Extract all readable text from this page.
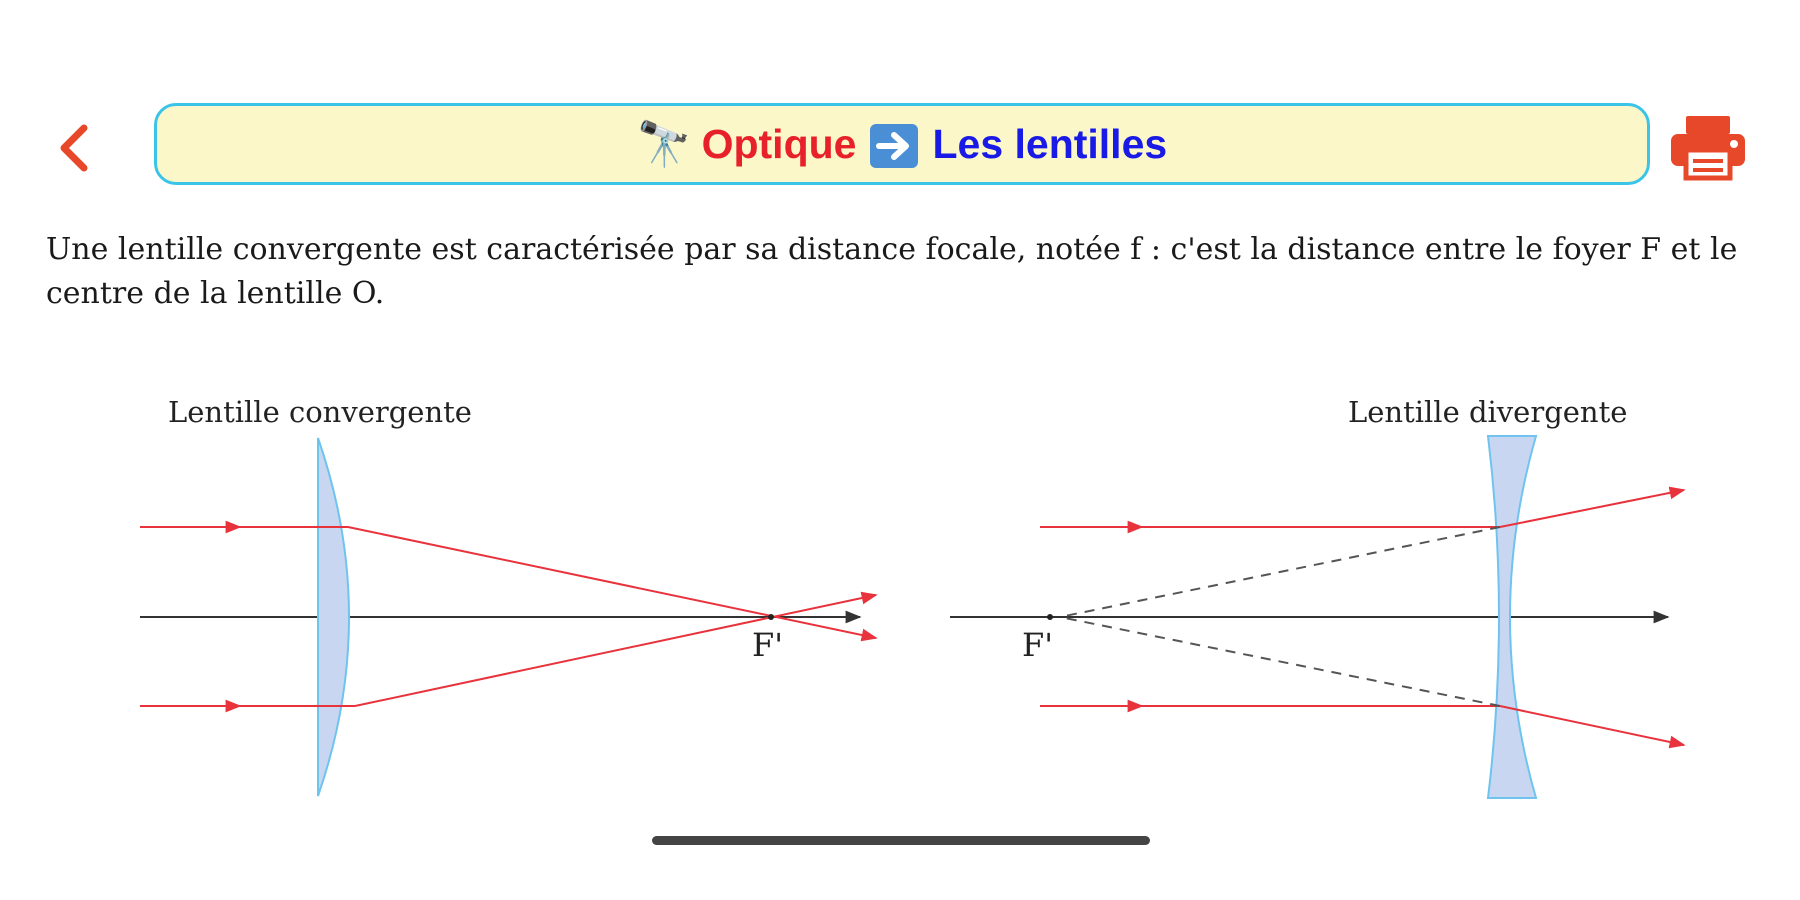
🔭 Optique Les lentilles

Une lentille convergente est caractérisée par sa distance focale, notée f : c'est la distance entre le foyer F et le centre de la lentille O.

Lentille convergente
F'
Lentille divergente
F'
